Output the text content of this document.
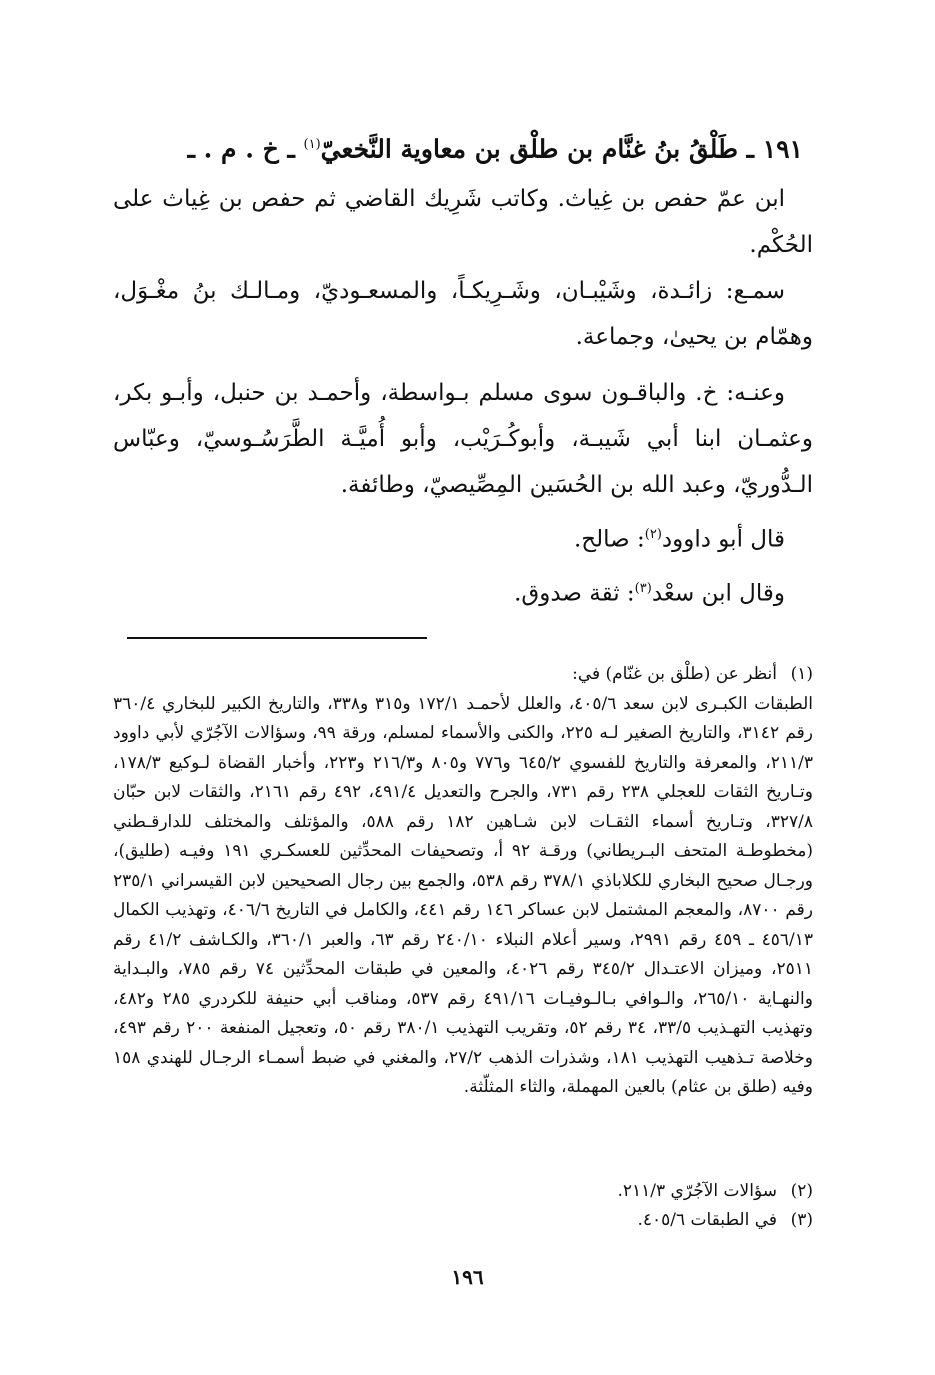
١٩١ ـ طَلْقُ بنُ غنَّام بن طلْق بن معاوية النَّخعيّ$^{(١)}$ ـ خ . م . ـ

ابن عمّ حفص بن غِياث. وكاتب شَرِيك القاضي ثم حفص بن غِياث على الحُكْم.

سمـع: زائـدة، وشَيْبـان، وشَـرِيكـاً، والمسعـوديّ، ومـالـك بنُ مغْـوَل، وهمّام بن يحيىٰ، وجماعة.

وعنـه: خ. والباقـون سوى مسلم بـواسطة، وأحمـد بن حنبل، وأبـو بكر، وعثمـان ابنا أبي شَيبـة، وأبوكُـرَيْب، وأبو أُميَّـة الطَّرَسُـوسيّ، وعبّاس الـدُّوريّ، وعبد الله بن الحُسَين المِصِّيصيّ، وطائفة.

قال أبو داوود$^{(٢)}$: صالح.

وقال ابن سعْد$^{(٣)}$: ثقة صدوق.

(١)
أنظر عن (طلْق بن غنّام) في:

الطبقات الكبـرى لابن سعد ٤٠٥/٦، والعلل لأحمـد ١٧٢/١ و٣١٥ و٣٣٨، والتاريخ الكبير للبخاري ٣٦٠/٤ رقم ٣١٤٢، والتاريخ الصغير لـه ٢٢٥، والكنى والأسماء لمسلم، ورقة ٩٩، وسؤالات الآجُرّي لأبي داوود ٢١١/٣، والمعرفة والتاريخ للفسوي ٦٤٥/٢ و٧٧٦ و٨٠٥ و٢١٦/٣ و٢٢٣، وأخبار القضاة لـوكيع ١٧٨/٣، وتـاريخ الثقات للعجلي ٢٣٨ رقم ٧٣١، والجرح والتعديل ٤٩١/٤، ٤٩٢ رقم ٢١٦١، والثقات لابن حبّان ٣٢٧/٨، وتـاريخ أسماء الثقـات لابن شـاهين ١٨٢ رقم ٥٨٨، والمؤتلف والمختلف للدارقـطني (مخطوطـة المتحف البـريطاني) ورقـة ٩٢ أ، وتصحيفات المحدِّثين للعسكـري ١٩١ وفيـه (طليق)، ورجـال صحيح البخاري للكلاباذي ٣٧٨/١ رقم ٥٣٨، والجمع بين رجال الصحيحين لابن القيسراني ٢٣٥/١ رقم ٨٧٠٠، والمعجم المشتمل لابن عساكر ١٤٦ رقم ٤٤١، والكامل في التاريخ ٤٠٦/٦، وتهذيب الكمال ٤٥٦/١٣ ـ ٤٥٩ رقم ٢٩٩١، وسير أعلام النبلاء ٢٤٠/١٠ رقم ٦٣، والعبر ٣٦٠/١، والكـاشف ٤١/٢ رقم ٢٥١١، وميزان الاعتـدال ٣٤٥/٢ رقم ٤٠٢٦، والمعين في طبقات المحدِّثين ٧٤ رقم ٧٨٥، والبـداية والنهـاية ٢٦٥/١٠، والـوافي بـالـوفيـات ٤٩١/١٦ رقم ٥٣٧، ومناقب أبي حنيفة للكردري ٢٨٥ و٤٨٢، وتهذيب التهـذيب ٣٣/٥، ٣٤ رقم ٥٢، وتقريب التهذيب ٣٨٠/١ رقم ٥٠، وتعجيل المنفعة ٢٠٠ رقم ٤٩٣، وخلاصة تـذهيب التهذيب ١٨١، وشذرات الذهب ٢٧/٢، والمغني في ضبط أسمـاء الرجـال للهندي ١٥٨ وفيه (طلق بن عثام) بالعين المهملة، والثاء المثلّثة.

(٢)
سؤالات الآجُرّي ٢١١/٣.
(٣)
في الطبقات ٤٠٥/٦.
١٩٦
